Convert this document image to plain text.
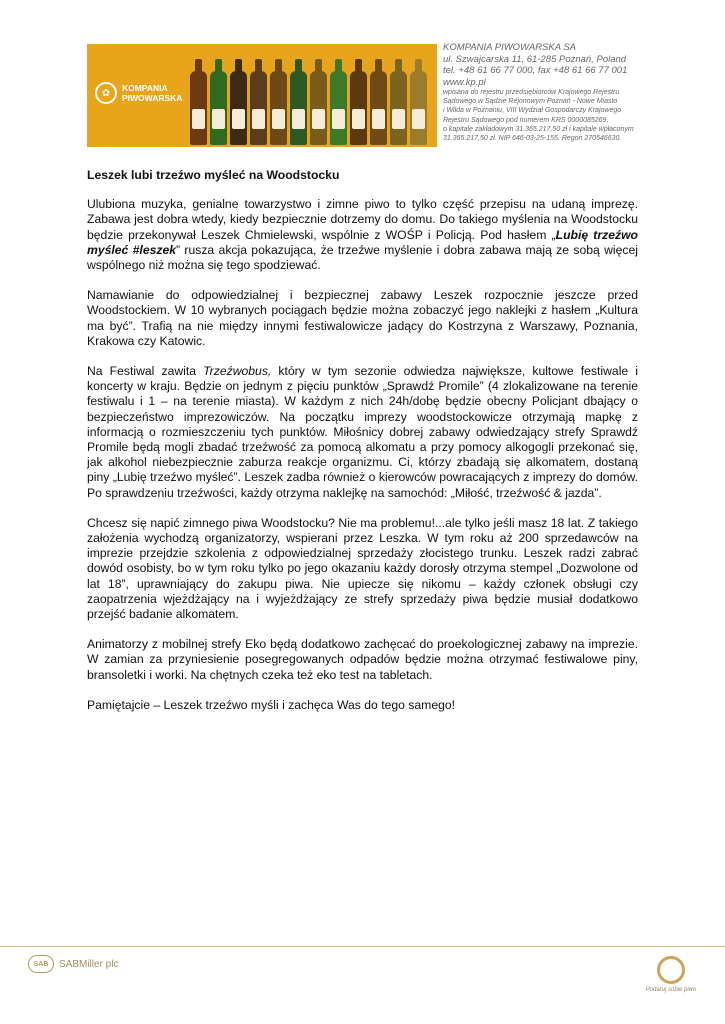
✿	KOMPANIA
PIWOWARSKA
KOMPANIA PIWOWARSKA SA
ul. Szwajcarska 11, 61-285 Poznań, Poland
tel. +48 61 66 77 000, fax +48 61 66 77 001
www.kp.pl
wpisana do rejestru przedsiębiorców Krajowego Rejestru
Sądowego w Sądzie Rejonowym Poznań - Nowe Miasto
i Wilda w Poznaniu, VIII Wydział Gospodarczy Krajowego
Rejestru Sądowego pod numerem KRS 0000085269,
o kapitale zakładowym 31.365.217,50 zł i kapitale wpłaconym
31.365.217,50 zł. NIP 646-03-25-155. Regon 270546630.
Leszek lubi trzeźwo myśleć na Woodstocku

Ulubiona muzyka, genialne towarzystwo i zimne piwo to tylko część przepisu na udaną imprezę. Zabawa jest dobra wtedy, kiedy bezpiecznie dotrzemy do domu. Do takiego myślenia na Woodstocku będzie przekonywał Leszek Chmielewski, wspólnie z WOŚP i Policją. Pod hasłem „Lubię trzeźwo myśleć #leszek” rusza akcja pokazująca, że trzeźwe myślenie i dobra zabawa mają ze sobą więcej wspólnego niż można się tego spodziewać.

Namawianie do odpowiedzialnej i bezpiecznej zabawy Leszek rozpocznie jeszcze przed Woodstockiem. W 10 wybranych pociągach będzie można zobaczyć jego naklejki z hasłem „Kultura ma być”. Trafią na nie między innymi festiwalowicze jadący do Kostrzyna z Warszawy, Poznania, Krakowa czy Katowic.

Na Festiwal zawita Trzeźwobus, który w tym sezonie odwiedza największe, kultowe festiwale i koncerty w kraju. Będzie on jednym z pięciu punktów „Sprawdź Promile” (4 zlokalizowane na terenie festiwalu i 1 – na terenie miasta). W każdym z nich 24h/dobę będzie obecny Policjant dbający o bezpieczeństwo imprezowiczów. Na początku imprezy woodstockowicze otrzymają mapkę z informacją o rozmieszczeniu tych punktów. Miłośnicy dobrej zabawy odwiedzający strefy Sprawdź Promile będą mogli zbadać trzeźwość za pomocą alkomatu a przy pomocy alkogogli przekonać się, jak alkohol niebezpiecznie zaburza reakcje organizmu. Ci, którzy zbadają się alkomatem, dostaną piny „Lubię trzeźwo myśleć”. Leszek zadba również o kierowców powracających z imprezy do domów. Po sprawdzeniu trzeźwości, każdy otrzyma naklejkę na samochód: „Miłość, trzeźwość & jazda”.

Chcesz się napić zimnego piwa Woodstocku? Nie ma problemu!...ale tylko jeśli masz 18 lat. Z takiego założenia wychodzą organizatorzy, wspierani przez Leszka. W tym roku aż 200 sprzedawców na imprezie przejdzie szkolenia z odpowiedzialnej sprzedaży złocistego trunku. Leszek radzi zabrać dowód osobisty, bo w tym roku tylko po jego okazaniu każdy dorosły otrzyma stempel „Dozwolone od lat 18”, uprawniający do zakupu piwa. Nie upiecze się nikomu – każdy członek obsługi czy zaopatrzenia wjeżdżający na i wyjeżdżający ze strefy sprzedaży piwa będzie musiał dodatkowo przejść badanie alkomatem.

Animatorzy z mobilnej strefy Eko będą dodatkowo zachęcać do proekologicznej zabawy na imprezie. W zamian za przyniesienie posegregowanych odpadów będzie można otrzymać festiwalowe piny, bransoletki i worki. Na chętnych czeka też eko test na tabletach.

Pamiętajcie – Leszek trzeźwo myśli i zachęca Was do tego samego!

SAB	SABMiller plc
Podaruj sobie piwo
